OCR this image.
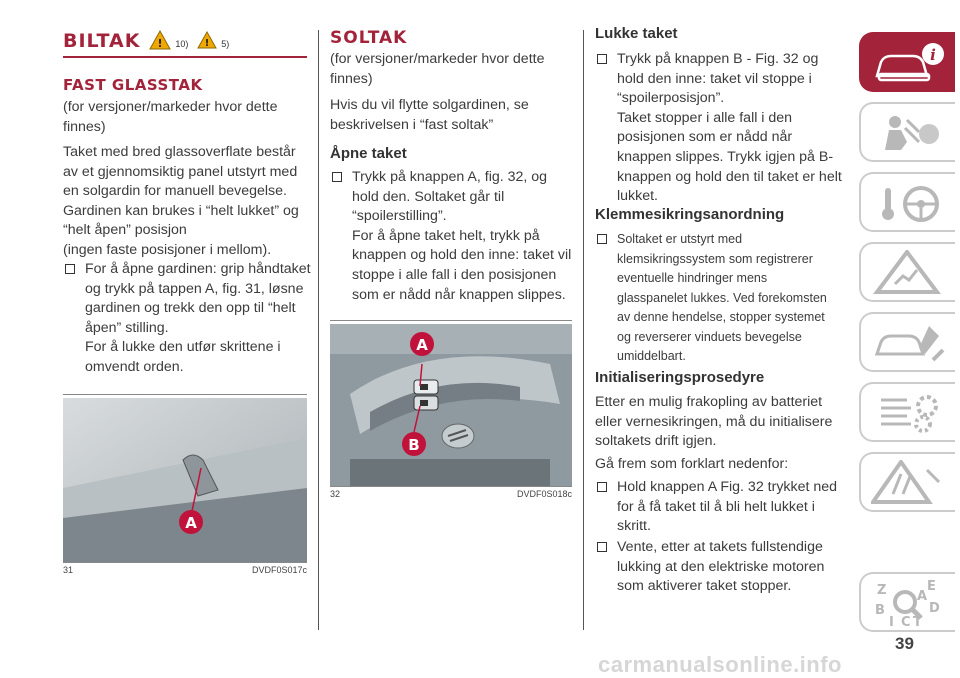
BILTAK ! 10) ! 5)
FAST GLASSTAK

(for versjoner/markeder hvor dette finnes)

Taket med bred glassoverflate består
av et gjennomsiktig panel utstyrt med
en solgardin for manuell bevegelse.
Gardinen kan brukes i “helt lukket” og
“helt åpen” posisjon
(ingen faste posisjoner i mellom).
For å åpne gardinen: grip håndtaket
og trykk på tappen A, fig. 31, løsne
gardinen og trekk den opp til “helt
åpen” stilling.
For å lukke den utfør skrittene i
omvendt orden.
A
31	DVDF0S017c
SOLTAK

(for versjoner/markeder hvor dette finnes)

Hvis du vil flytte solgardinen, se beskrivelsen i “fast soltak”

Åpne taket
Trykk på knappen A, fig. 32, og
hold den. Soltaket går til
“spoilerstilling”.
For å åpne taket helt, trykk på
knappen og hold den inne: taket vil
stoppe i alle fall i den posisjonen
som er nådd når knappen slippes.
A
B
32	DVDF0S018c
Lukke taket
Trykk på knappen B - Fig. 32 og
hold den inne: taket vil stoppe i
“spoilerposisjon”.
Taket stopper i alle fall i den
posisjonen som er nådd når
knappen slippes. Trykk igjen på B-
knappen og hold den til taket er helt
lukket.
Klemmesikringsanordning
Soltaket er utstyrt med
klemsikringssystem som registrerer
eventuelle hindringer mens
glasspanelet lukkes. Ved forekomsten
av denne hendelse, stopper systemet
og reverserer vinduets bevegelse
umiddelbart.
Initialiseringsprosedyre
Etter en mulig frakopling av batteriet
eller vernesikringen, må du initialisere
soltakets drift igjen.

Gå frem som forklart nedenfor:

Hold knappen A Fig. 32 trykket ned
for å få taket til å bli helt lukket i
skritt.
Vente, etter at takets fullstendige
lukking at den elektriske motoren
som aktiverer taket stopper.
i
Z	E
B	D
I C T
A
39
carmanualsonline.info
